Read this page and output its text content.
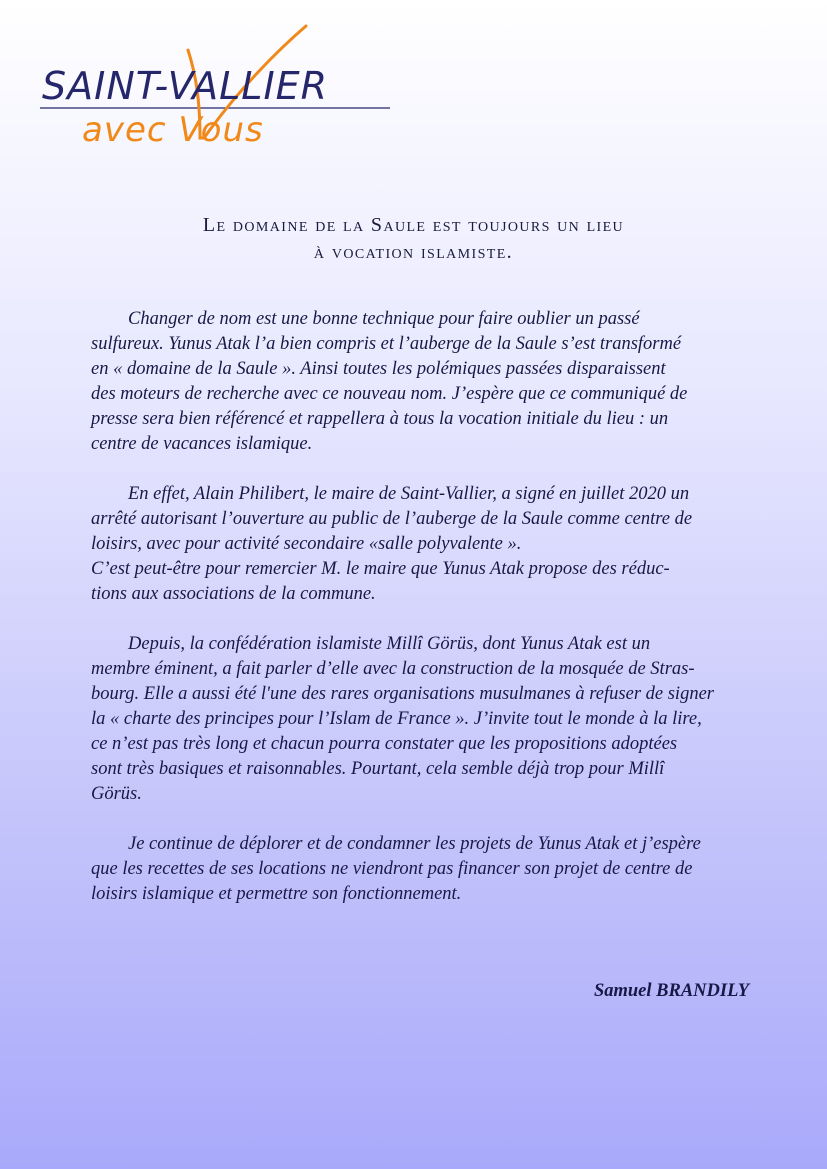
SAINT-VALLIER
avec Vous
Le domaine de la Saule est toujours un lieu
à vocation islamiste.
Changer de nom est une bonne technique pour faire oublier un passé
sulfureux. Yunus Atak l’a bien compris et l’auberge de la Saule s’est transformé
en « domaine de la Saule ». Ainsi toutes les polémiques passées disparaissent
des moteurs de recherche avec ce nouveau nom. J’espère que ce communiqué de
presse sera bien référencé et rappellera à tous la vocation initiale du lieu : un
centre de vacances islamique.
En effet, Alain Philibert, le maire de Saint-Vallier, a signé en juillet 2020 un
arrêté autorisant l’ouverture au public de l’auberge de la Saule comme centre de
loisirs, avec pour activité secondaire «salle polyvalente ».
C’est peut-être pour remercier M. le maire que Yunus Atak propose des réduc-
tions aux associations de la commune.
Depuis, la confédération islamiste Millî Görüs, dont Yunus Atak est un
membre éminent, a fait parler d’elle avec la construction de la mosquée de Stras-
bourg. Elle a aussi été l'une des rares organisations musulmanes à refuser de signer
la « charte des principes pour l’Islam de France ». J’invite tout le monde à la lire,
ce n’est pas très long et chacun pourra constater que les propositions adoptées
sont très basiques et raisonnables. Pourtant, cela semble déjà trop pour Millî
Görüs.
Je continue de déplorer et de condamner les projets de Yunus Atak et j’espère
que les recettes de ses locations ne viendront pas financer son projet de centre de
loisirs islamique et permettre son fonctionnement.
Samuel BRANDILY
